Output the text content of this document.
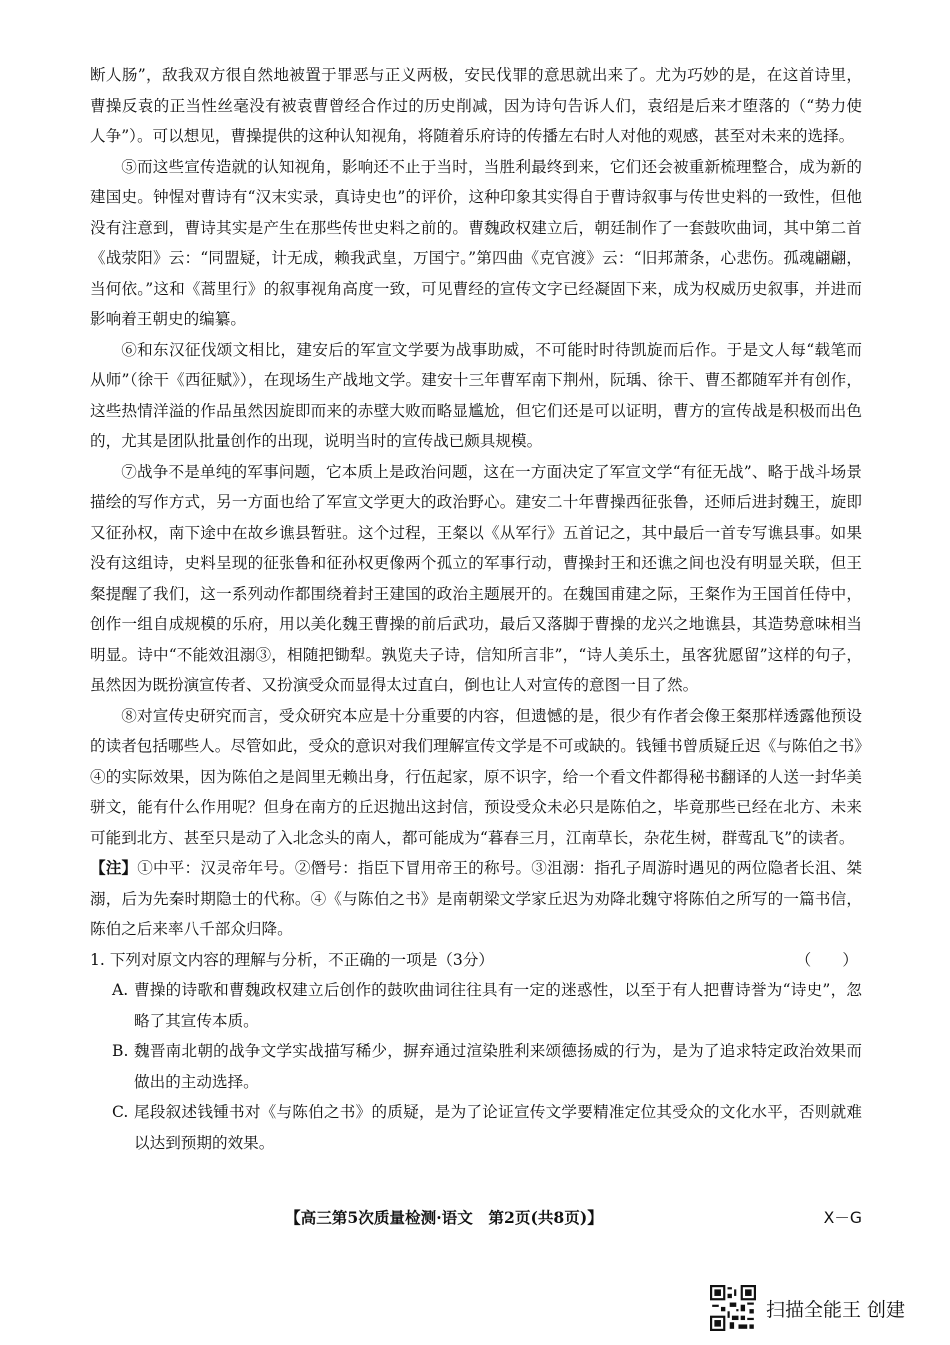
断人肠”，敌我双方很自然地被置于罪恶与正义两极，安民伐罪的意思就出来了。尤为巧妙的是，在这首诗里，曹操反袁的正当性丝毫没有被袁曹曾经合作过的历史削减，因为诗句告诉人们，袁绍是后来才堕落的（“势力使人争”）。可以想见，曹操提供的这种认知视角，将随着乐府诗的传播左右时人对他的观感，甚至对未来的选择。

⑤而这些宣传造就的认知视角，影响还不止于当时，当胜利最终到来，它们还会被重新梳理整合，成为新的建国史。钟惺对曹诗有“汉末实录，真诗史也”的评价，这种印象其实得自于曹诗叙事与传世史料的一致性，但他没有注意到，曹诗其实是产生在那些传世史料之前的。曹魏政权建立后，朝廷制作了一套鼓吹曲词，其中第二首《战荥阳》云：“同盟疑，计无成，赖我武皇，万国宁。”第四曲《克官渡》云：“旧邦萧条，心悲伤。孤魂翩翩，当何依。”这和《蒿里行》的叙事视角高度一致，可见曹经的宣传文字已经凝固下来，成为权威历史叙事，并进而影响着王朝史的编纂。

⑥和东汉征伐颂文相比，建安后的军宣文学要为战事助威，不可能时时待凯旋而后作。于是文人每“载笔而从师”（徐干《西征赋》），在现场生产战地文学。建安十三年曹军南下荆州，阮瑀、徐干、曹丕都随军并有创作，这些热情洋溢的作品虽然因旋即而来的赤壁大败而略显尴尬，但它们还是可以证明，曹方的宣传战是积极而出色的，尤其是团队批量创作的出现，说明当时的宣传战已颇具规模。

⑦战争不是单纯的军事问题，它本质上是政治问题，这在一方面决定了军宣文学“有征无战”、略于战斗场景描绘的写作方式，另一方面也给了军宣文学更大的政治野心。建安二十年曹操西征张鲁，还师后进封魏王，旋即又征孙权，南下途中在故乡谯县暂驻。这个过程，王粲以《从军行》五首记之，其中最后一首专写谯县事。如果没有这组诗，史料呈现的征张鲁和征孙权更像两个孤立的军事行动，曹操封王和还谯之间也没有明显关联，但王粲提醒了我们，这一系列动作都围绕着封王建国的政治主题展开的。在魏国甫建之际，王粲作为王国首任侍中，创作一组自成规模的乐府，用以美化魏王曹操的前后武功，最后又落脚于曹操的龙兴之地谯县，其造势意味相当明显。诗中“不能效沮溺③，相随把锄犁。孰览夫子诗，信知所言非”，“诗人美乐土，虽客犹愿留”这样的句子，虽然因为既扮演宣传者、又扮演受众而显得太过直白，倒也让人对宣传的意图一目了然。

⑧对宣传史研究而言，受众研究本应是十分重要的内容，但遗憾的是，很少有作者会像王粲那样透露他预设的读者包括哪些人。尽管如此，受众的意识对我们理解宣传文学是不可或缺的。钱锺书曾质疑丘迟《与陈伯之书》④的实际效果，因为陈伯之是闾里无赖出身，行伍起家，原不识字，给一个看文件都得秘书翻译的人送一封华美骈文，能有什么作用呢？但身在南方的丘迟抛出这封信，预设受众未必只是陈伯之，毕竟那些已经在北方、未来可能到北方、甚至只是动了入北念头的南人，都可能成为“暮春三月，江南草长，杂花生树，群莺乱飞”的读者。

【注】①中平：汉灵帝年号。②僭号：指臣下冒用帝王的称号。③沮溺：指孔子周游时遇见的两位隐者长沮、桀溺，后为先秦时期隐士的代称。④《与陈伯之书》是南朝梁文学家丘迟为劝降北魏守将陈伯之所写的一篇书信，陈伯之后来率八千部众归降。

1. 下列对原文内容的理解与分析，不正确的一项是（3分）	（　　）
A. 曹操的诗歌和曹魏政权建立后创作的鼓吹曲词往往具有一定的迷惑性，以至于有人把曹诗誉为“诗史”，忽略了其宣传本质。
B. 魏晋南北朝的战争文学实战描写稀少，摒弃通过渲染胜利来颂德扬威的行为，是为了追求特定政治效果而做出的主动选择。
C. 尾段叙述钱锺书对《与陈伯之书》的质疑，是为了论证宣传文学要精准定位其受众的文化水平，否则就难以达到预期的效果。
【高三第5次质量检测·语文　第2页(共8页)】	X－G
扫描全能王 创建
